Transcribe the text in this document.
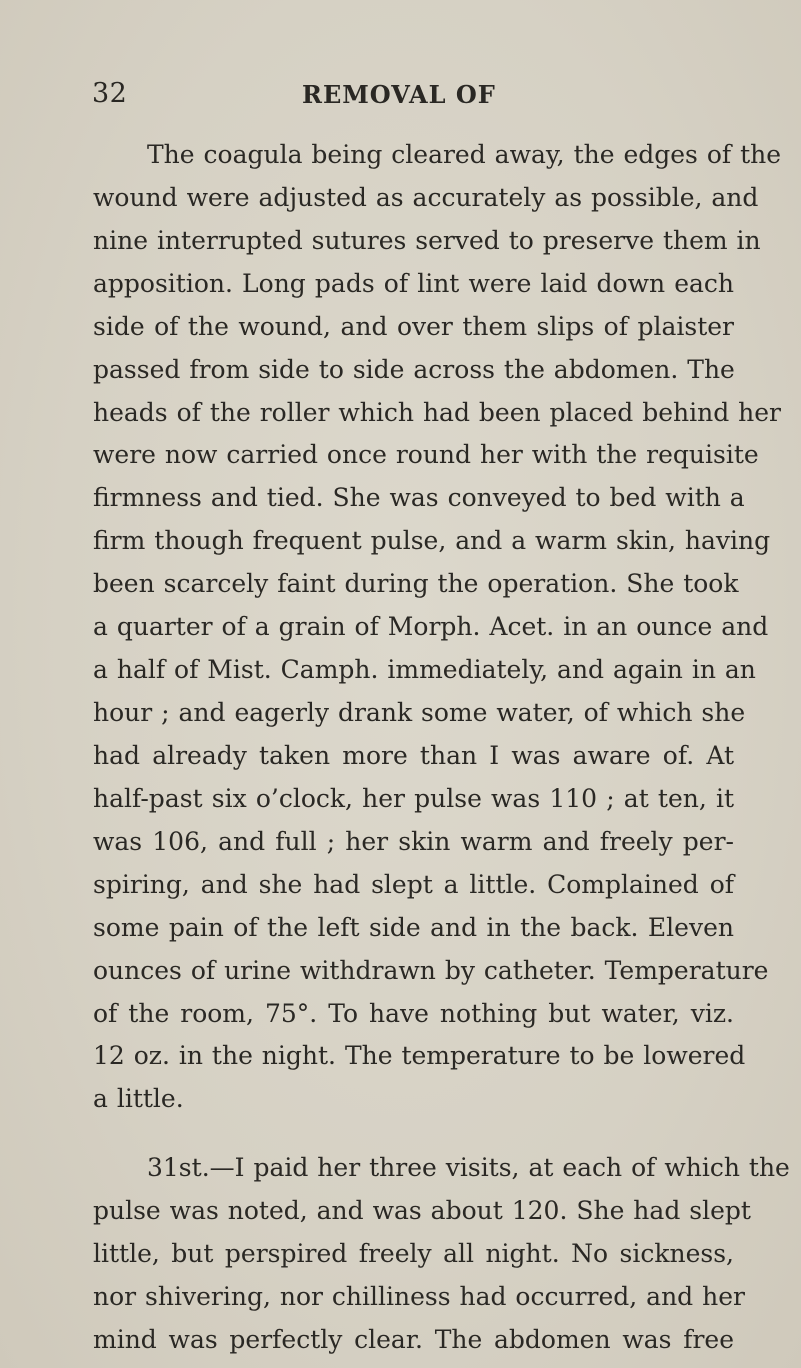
32	REMOVAL OF
The coagula being cleared away, the edges of the
wound were adjusted as accurately as possible, and
nine interrupted sutures served to preserve them in
apposition. Long pads of lint were laid down each
side of the wound, and over them slips of plaister
passed from side to side across the abdomen. The
heads of the roller which had been placed behind her
were now carried once round her with the requisite
firmness and tied. She was conveyed to bed with a
firm though frequent pulse, and a warm skin, having
been scarcely faint during the operation. She took
a quarter of a grain of Morph. Acet. in an ounce and
a half of Mist. Camph. immediately, and again in an
hour ; and eagerly drank some water, of which she
had already taken more than I was aware of. At
half-past six o’clock, her pulse was 110 ; at ten, it
was 106, and full ; her skin warm and freely per-
spiring, and she had slept a little. Complained of
some pain of the left side and in the back. Eleven
ounces of urine withdrawn by catheter. Temperature
of the room, 75°. To have nothing but water, viz.
12 oz. in the night. The temperature to be lowered
a little.
31st.—I paid her three visits, at each of which the
pulse was noted, and was about 120. She had slept
little, but perspired freely all night. No sickness,
nor shivering, nor chilliness had occurred, and her
mind was perfectly clear. The abdomen was free
